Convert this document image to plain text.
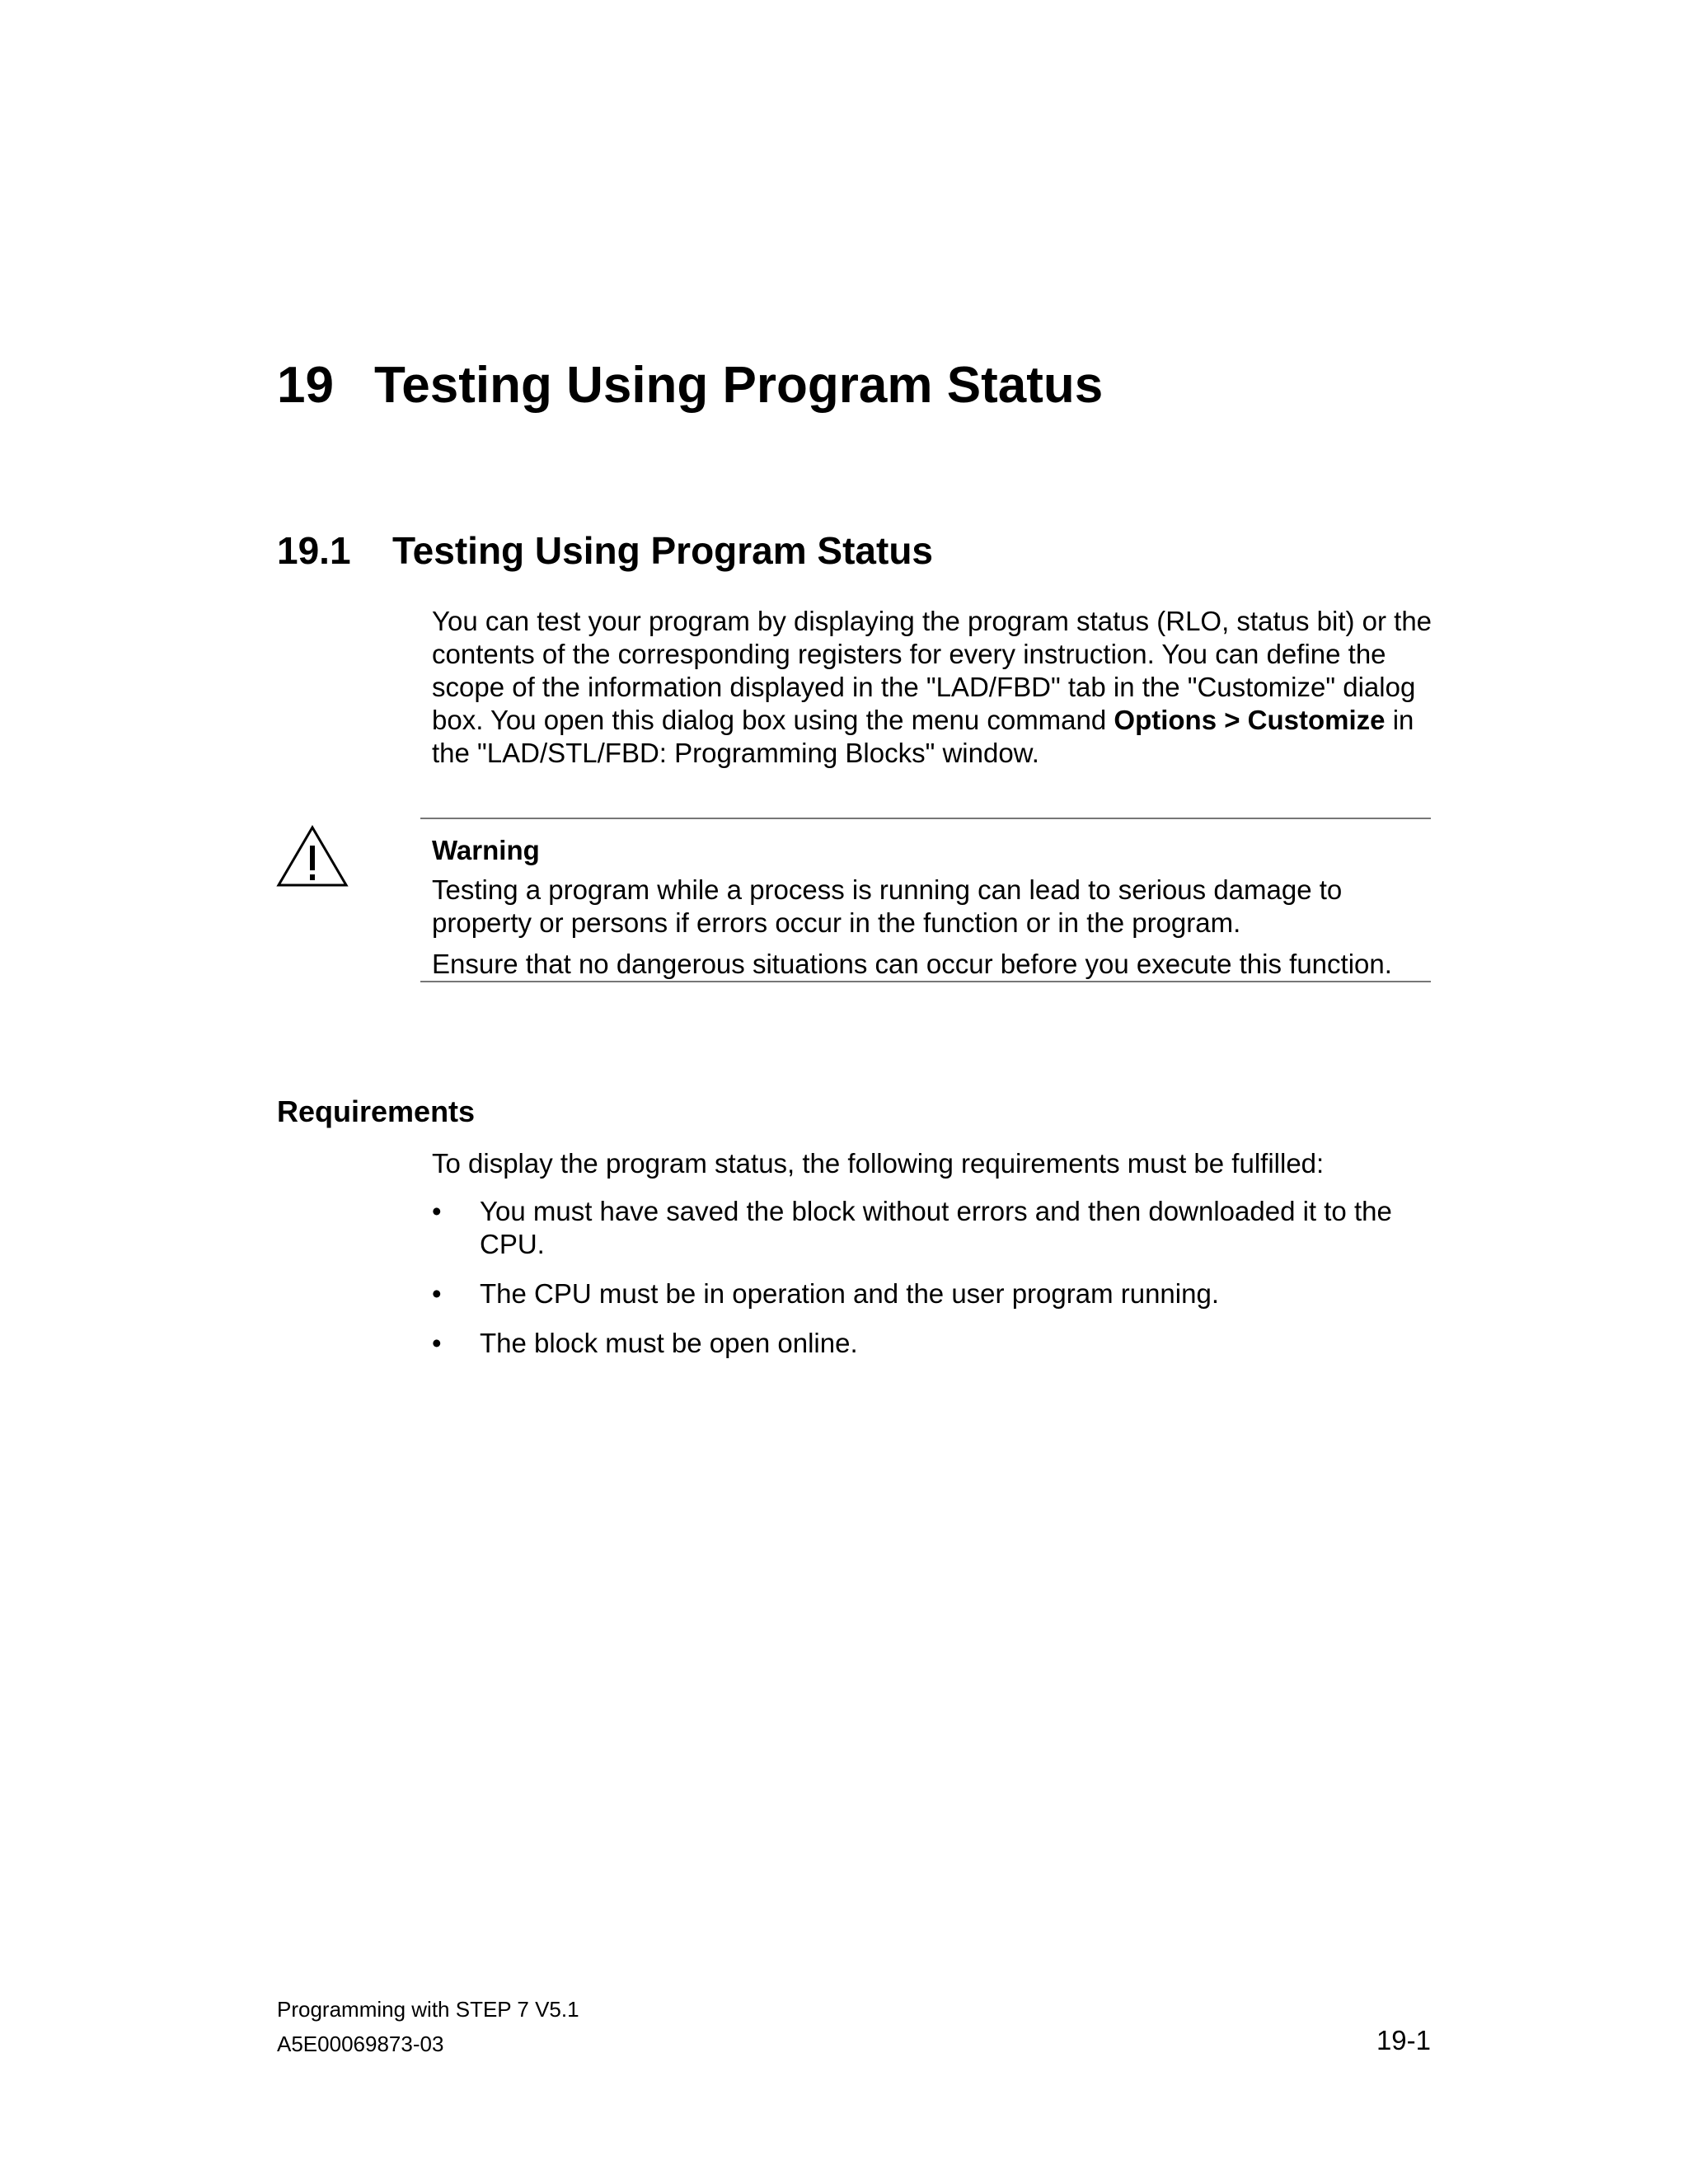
19 Testing Using Program Status
19.1 Testing Using Program Status

You can test your program by displaying the program status (RLO, status bit) or the contents of the corresponding registers for every instruction. You can define the scope of the information displayed in the "LAD/FBD" tab in the "Customize" dialog box. You open this dialog box using the menu command Options > Customize in the "LAD/STL/FBD: Programming Blocks" window.

Warning

Testing a program while a process is running can lead to serious damage to property or persons if errors occur in the function or in the program.

Ensure that no dangerous situations can occur before you execute this function.

Requirements

To display the program status, the following requirements must be fulfilled:

• You must have saved the block without errors and then downloaded it to the CPU.
• The CPU must be in operation and the user program running.
• The block must be open online.
Programming with STEP 7 V5.1
A5E00069873-03	19-1
